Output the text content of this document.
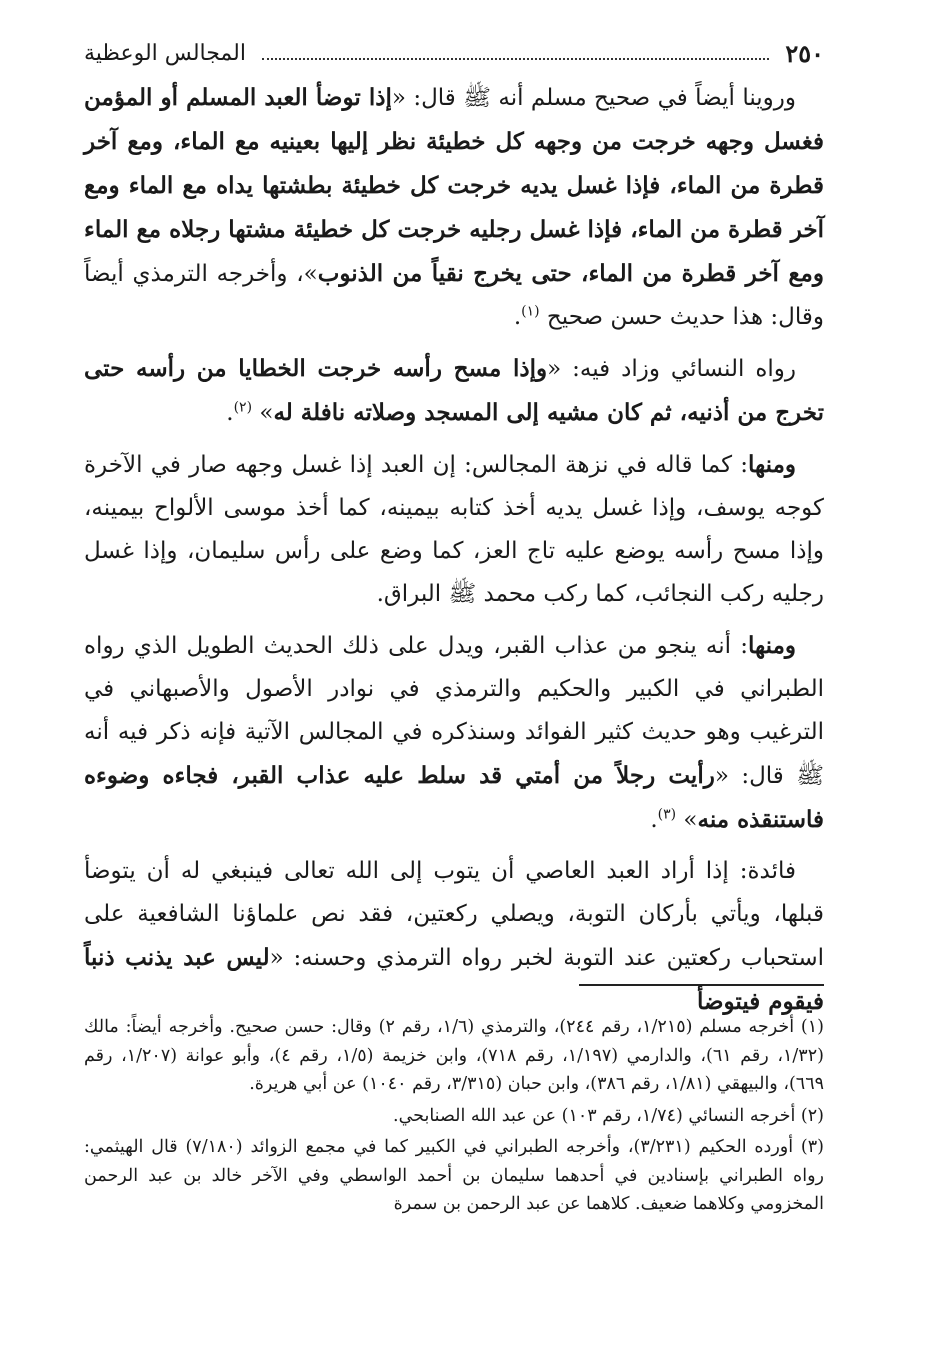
٢٥٠
المجالس الوعظية

وروينا أيضاً في صحيح مسلم أنه ﷺ قال: «إذا توضأ العبد المسلم أو المؤمن فغسل وجهه خرجت من وجهه كل خطيئة نظر إليها بعينيه مع الماء، ومع آخر قطرة من الماء، فإذا غسل يديه خرجت كل خطيئة بطشتها يداه مع الماء ومع آخر قطرة من الماء، فإذا غسل رجليه خرجت كل خطيئة مشتها رجلاه مع الماء ومع آخر قطرة من الماء، حتى يخرج نقياً من الذنوب»، وأخرجه الترمذي أيضاً وقال: هذا حديث حسن صحيح $^{(١)}$.

رواه النسائي وزاد فيه: «وإذا مسح رأسه خرجت الخطايا من رأسه حتى تخرج من أذنيه، ثم كان مشيه إلى المسجد وصلاته نافلة له» $^{(٢)}$.

ومنها: كما قاله في نزهة المجالس: إن العبد إذا غسل وجهه صار في الآخرة كوجه يوسف، وإذا غسل يديه أخذ كتابه بيمينه، كما أخذ موسى الألواح بيمينه، وإذا مسح رأسه يوضع عليه تاج العز، كما وضع على رأس سليمان، وإذا غسل رجليه ركب النجائب، كما ركب محمد ﷺ البراق.

ومنها: أنه ينجو من عذاب القبر، ويدل على ذلك الحديث الطويل الذي رواه الطبراني في الكبير والحكيم والترمذي في نوادر الأصول والأصبهاني في الترغيب وهو حديث كثير الفوائد وسنذكره في المجالس الآتية فإنه ذكر فيه أنه ﷺ قال: «رأيت رجلاً من أمتي قد سلط عليه عذاب القبر، فجاءه وضوءه فاستنقذه منه» $^{(٣)}$.

فائدة: إذا أراد العبد العاصي أن يتوب إلى الله تعالى فينبغي له أن يتوضأ قبلها، ويأتي بأركان التوبة، ويصلي ركعتين، فقد نص علماؤنا الشافعية على استحباب ركعتين عند التوبة لخبر رواه الترمذي وحسنه: «ليس عبد يذنب ذنباً فيقوم فيتوضأ

(١) أخرجه مسلم (١/٢١٥، رقم ٢٤٤)، والترمذي (١/٦، رقم ٢) وقال: حسن صحيح. وأخرجه أيضاً: مالك (١/٣٢، رقم ٦١)، والدارمي (١/١٩٧، رقم ٧١٨)، وابن خزيمة (١/٥، رقم ٤)، وأبو عوانة (١/٢٠٧، رقم ٦٦٩)، والبيهقي (١/٨١، رقم ٣٨٦)، وابن حبان (٣/٣١٥، رقم ١٠٤٠) عن أبي هريرة.

(٢) أخرجه النسائي (١/٧٤، رقم ١٠٣) عن عبد الله الصنابحي.

(٣) أورده الحكيم (٣/٢٣١)، وأخرجه الطبراني في الكبير كما في مجمع الزوائد (٧/١٨٠) قال الهيثمي: رواه الطبراني بإسنادين في أحدهما سليمان بن أحمد الواسطي وفي الآخر خالد بن عبد الرحمن المخزومي وكلاهما ضعيف. كلاهما عن عبد الرحمن بن سمرة
